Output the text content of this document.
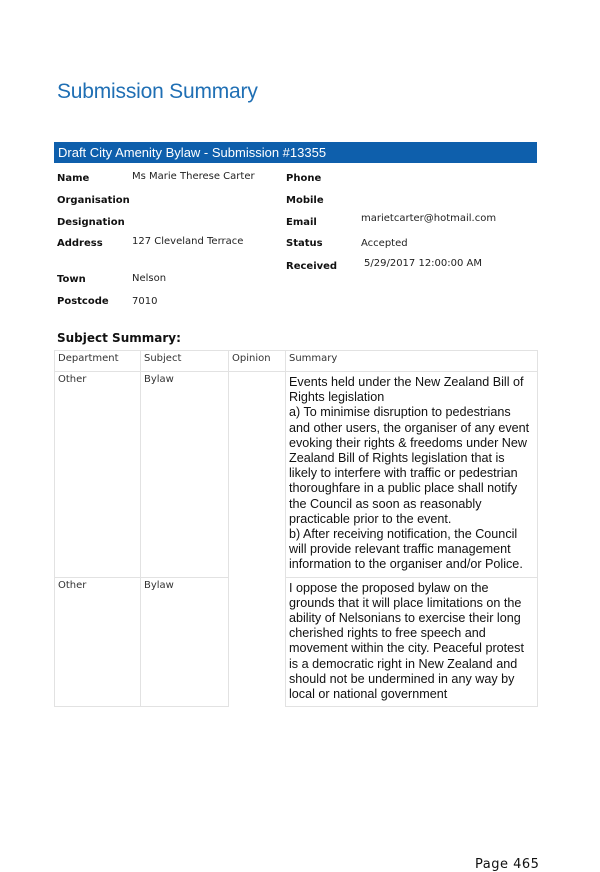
Submission Summary
Draft City Amenity Bylaw - Submission #13355
Name	Ms Marie Therese Carter
Organisation
Designation
Address	127 Cleveland Terrace
Town	Nelson
Postcode 7010
Phone
Mobile
Email	marietcarter@hotmail.com
Status	Accepted
Received	5/29/2017 12:00:00 AM
Subject Summary:
Department	Subject	Opinion	Summary
Other	Bylaw		Events held under the New Zealand Bill of Rights legislation
a) To minimise disruption to pedestrians and other users, the organiser of any event evoking their rights & freedoms under New Zealand Bill of Rights legislation that is likely to interfere with traffic or pedestrian thoroughfare in a public place shall notify the Council as soon as reasonably practicable prior to the event.
b) After receiving notification, the Council will provide relevant traffic management information to the organiser and/or Police.
Other	Bylaw		I oppose the proposed bylaw on the grounds that it will place limitations on the ability of Nelsonians to exercise their long cherished rights to free speech and movement within the city. Peaceful protest is a democratic right in New Zealand and should not be undermined in any way by local or national government
Page 465
